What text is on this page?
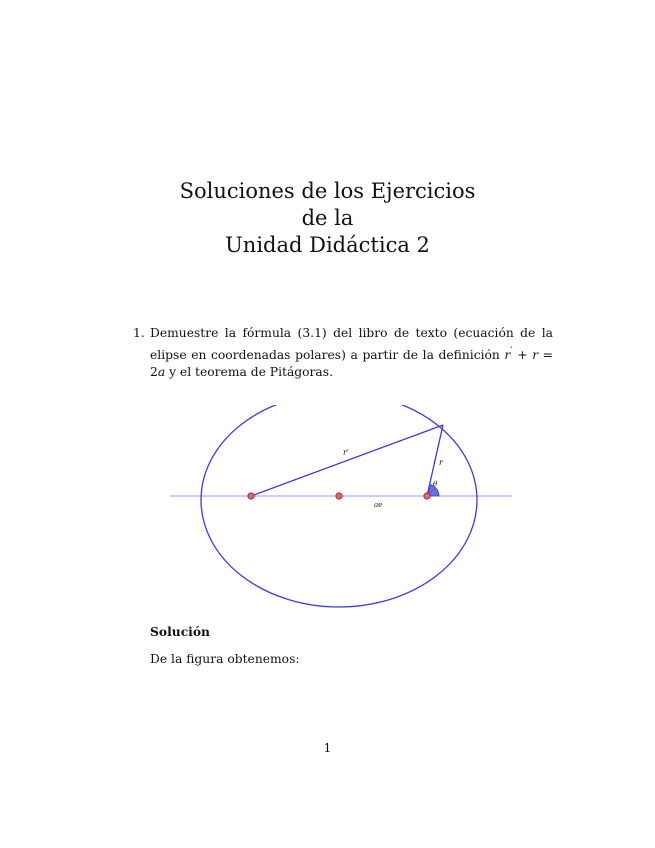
Soluciones de los Ejercicios
de la
Unidad Didáctica 2
1. Demuestre la fórmula (3.1) del libro de texto (ecuación de la elipse en coordenadas polares) a partir de la definición r′ + r = 2a y el teorema de Pitágoras.
r′
r
θ
ae
Solución
De la figura obtenemos:
1
